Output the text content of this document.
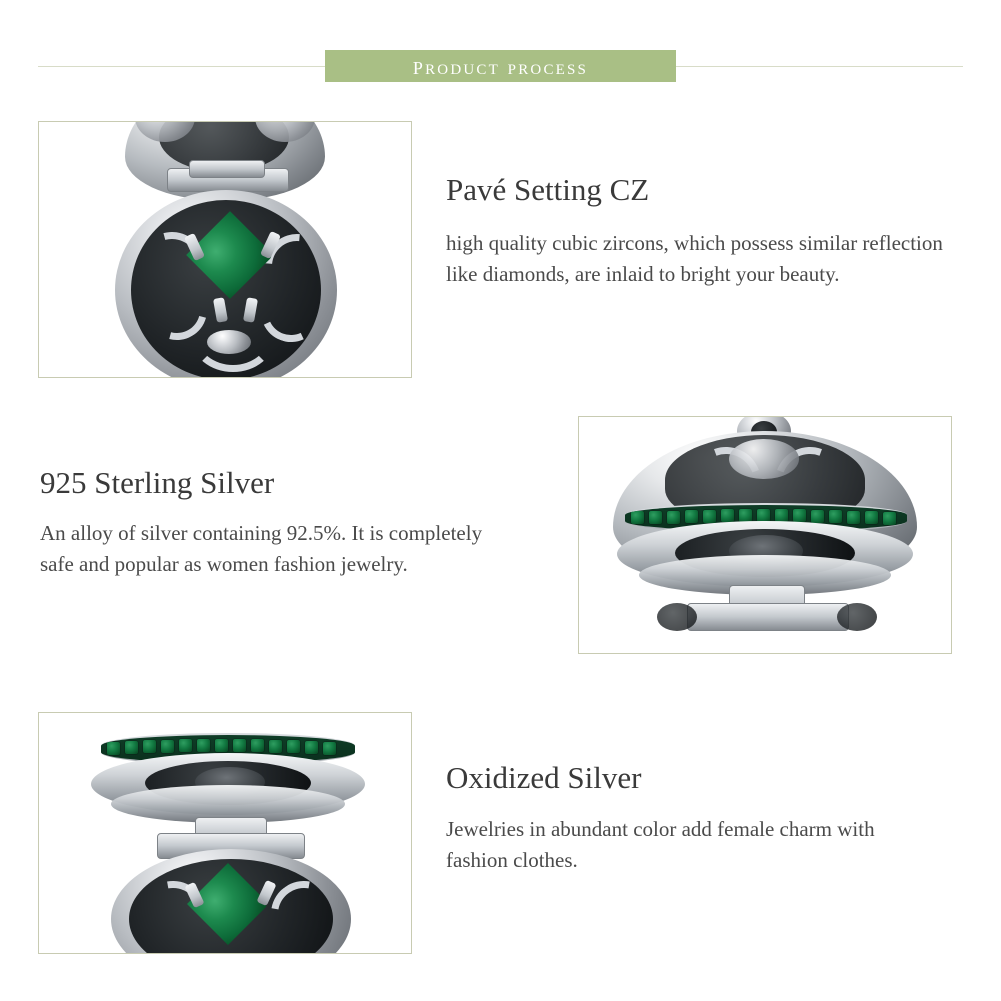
product process
Pavé Setting CZ
high quality cubic zircons, which possess similar reflection like diamonds, are inlaid to bright your beauty.
925 Sterling Silver
An alloy of silver containing 92.5%. It is completely safe and popular as women fashion jewelry.
Oxidized Silver
Jewelries in abundant color add female charm with fashion clothes.
